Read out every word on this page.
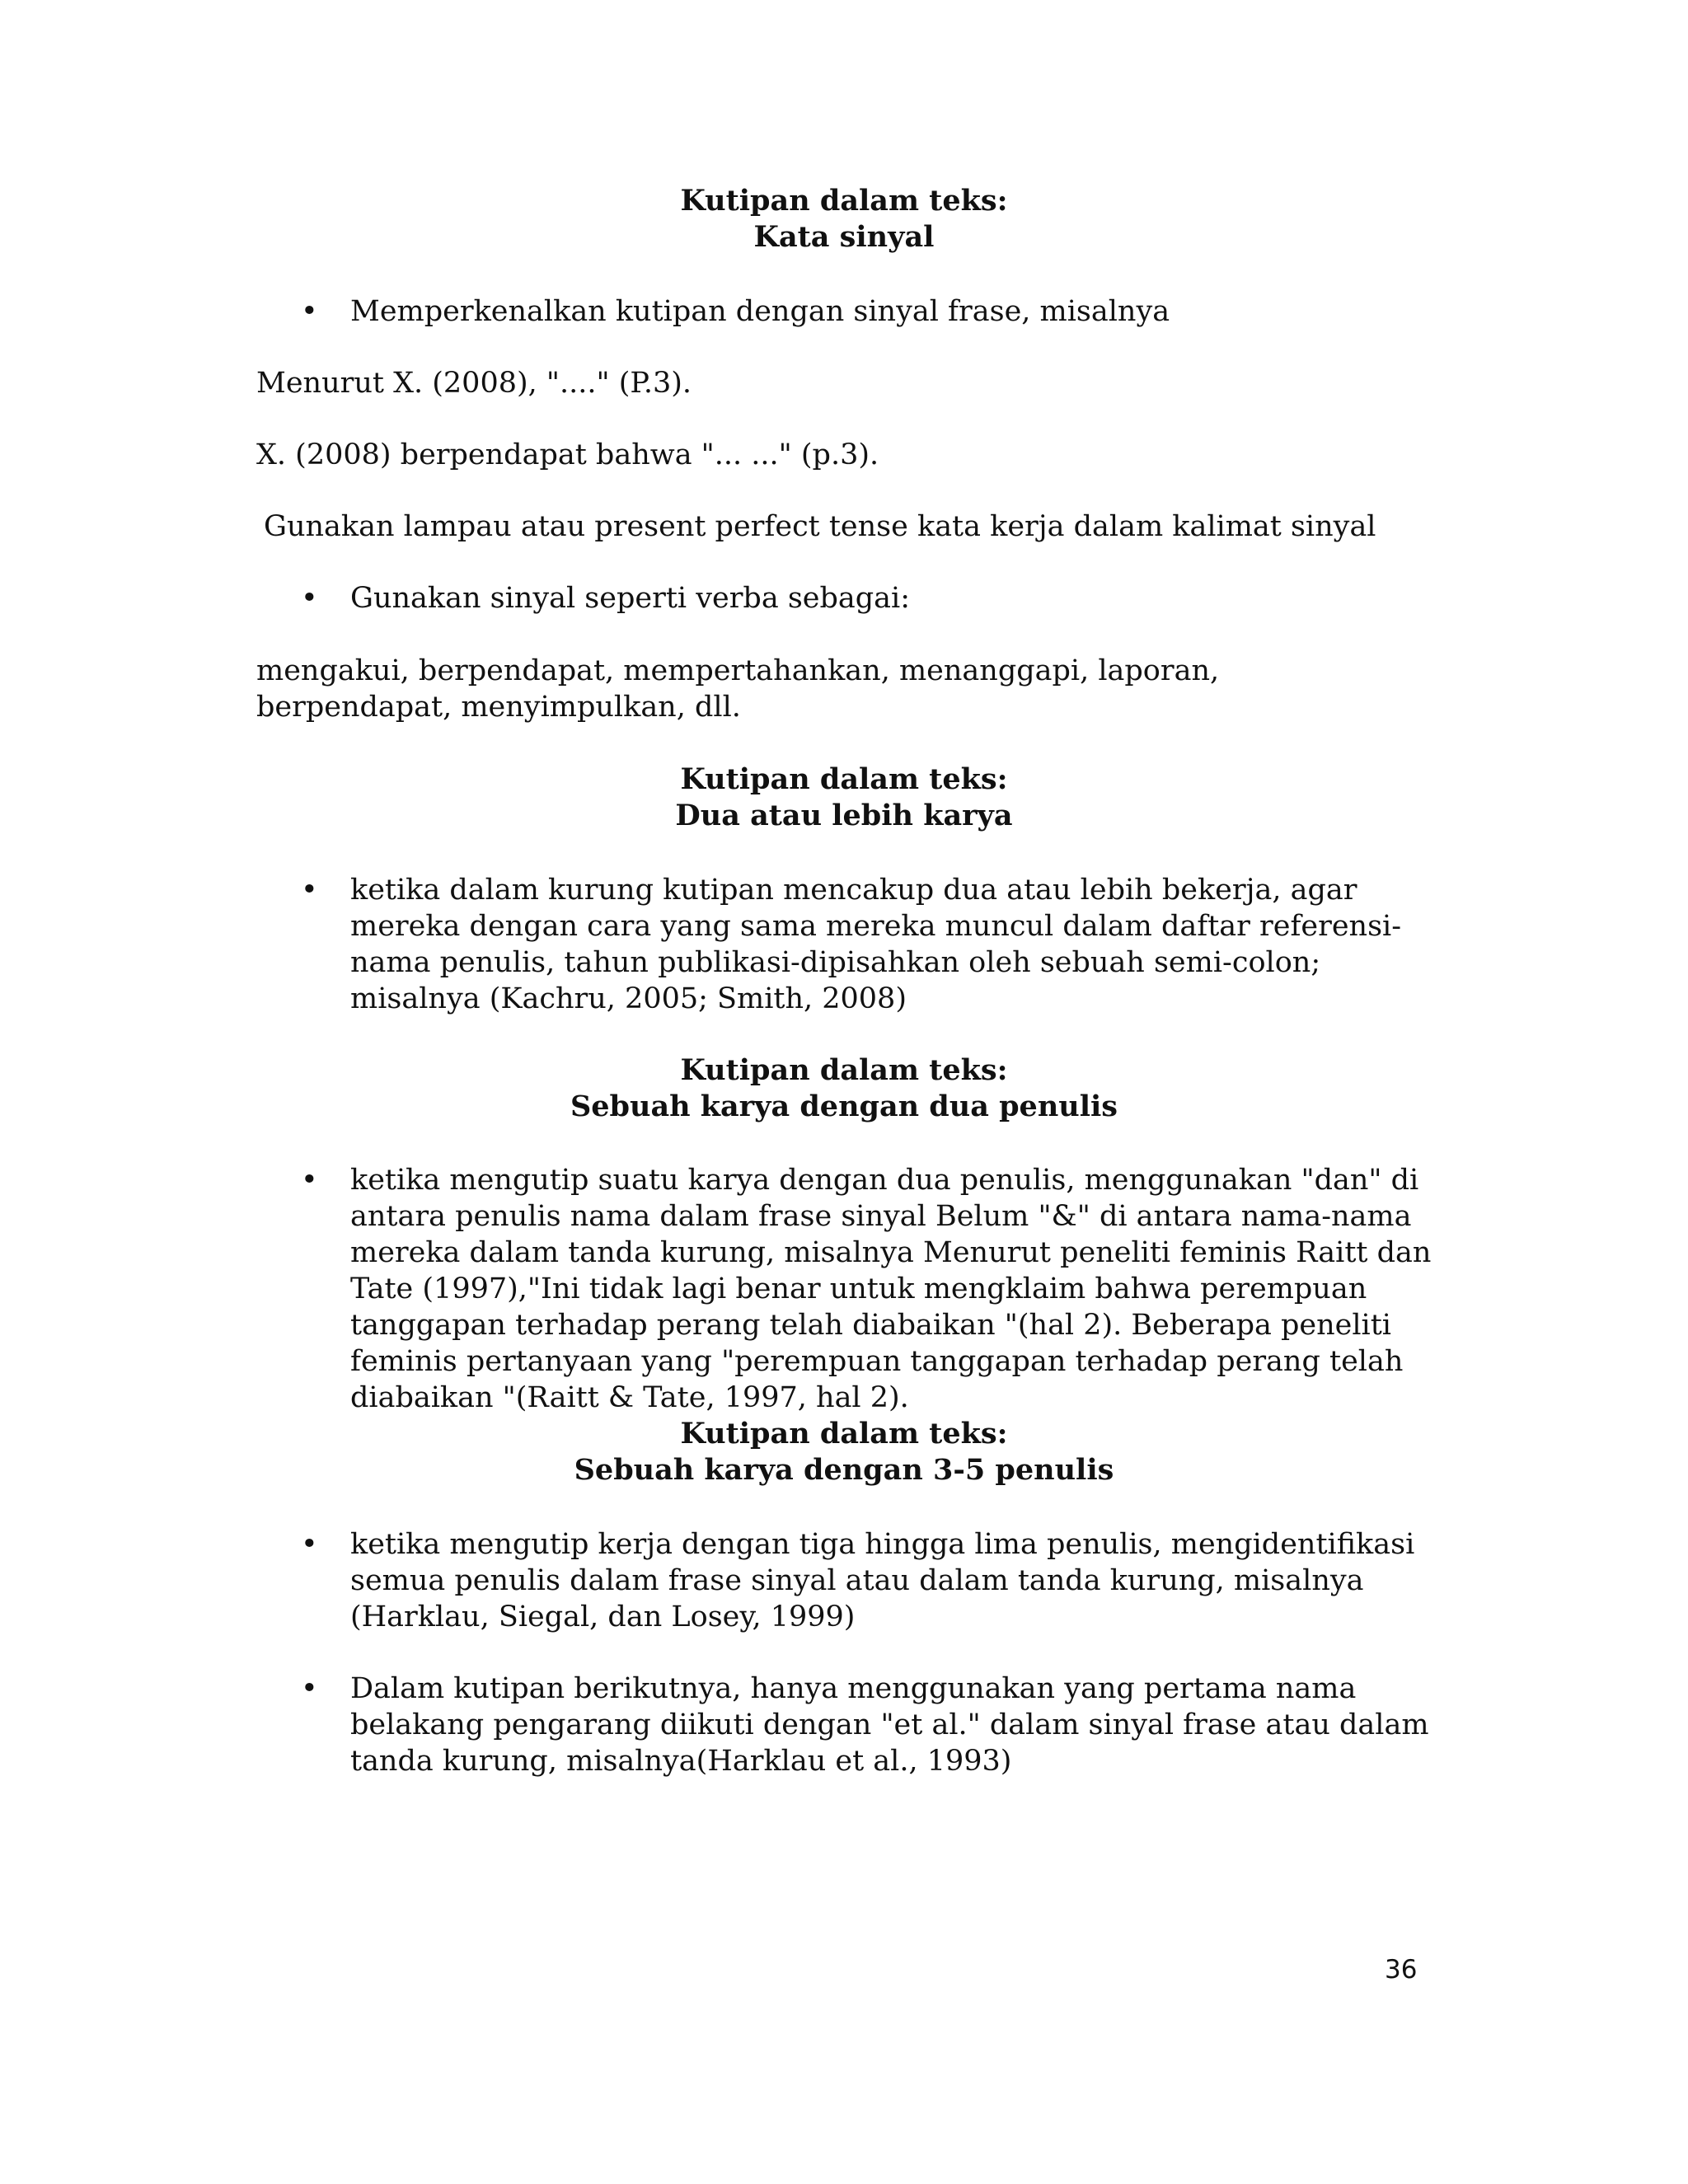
Kutipan dalam teks:
Kata sinyal
• Memperkenalkan kutipan dengan sinyal frase, misalnya
Menurut X. (2008), "...." (P.3).
X. (2008) berpendapat bahwa "... ..." (p.3).
Gunakan lampau atau present perfect tense kata kerja dalam kalimat sinyal
• Gunakan sinyal seperti verba sebagai:
mengakui, berpendapat, mempertahankan, menanggapi, laporan, berpendapat, menyimpulkan, dll.
Kutipan dalam teks:
Dua atau lebih karya
• ketika dalam kurung kutipan mencakup dua atau lebih bekerja, agar mereka dengan cara yang sama mereka muncul dalam daftar referensi-nama penulis, tahun publikasi-dipisahkan oleh sebuah semi-colon; misalnya (Kachru, 2005; Smith, 2008)
Kutipan dalam teks:
Sebuah karya dengan dua penulis
• ketika mengutip suatu karya dengan dua penulis, menggunakan "dan" di antara penulis nama dalam frase sinyal Belum "&" di antara nama-nama mereka dalam tanda kurung, misalnya Menurut peneliti feminis Raitt dan Tate (1997),"Ini tidak lagi benar untuk mengklaim bahwa perempuan tanggapan terhadap perang telah diabaikan "(hal 2). Beberapa peneliti feminis pertanyaan yang "perempuan tanggapan terhadap perang telah diabaikan "(Raitt & Tate, 1997, hal 2).
Kutipan dalam teks:
Sebuah karya dengan 3-5 penulis
• ketika mengutip kerja dengan tiga hingga lima penulis, mengidentifikasi semua penulis dalam frase sinyal atau dalam tanda kurung, misalnya (Harklau, Siegal, dan Losey, 1999)
• Dalam kutipan berikutnya, hanya menggunakan yang pertama nama belakang pengarang diikuti dengan "et al." dalam sinyal frase atau dalam tanda kurung, misalnya(Harklau et al., 1993)
36
